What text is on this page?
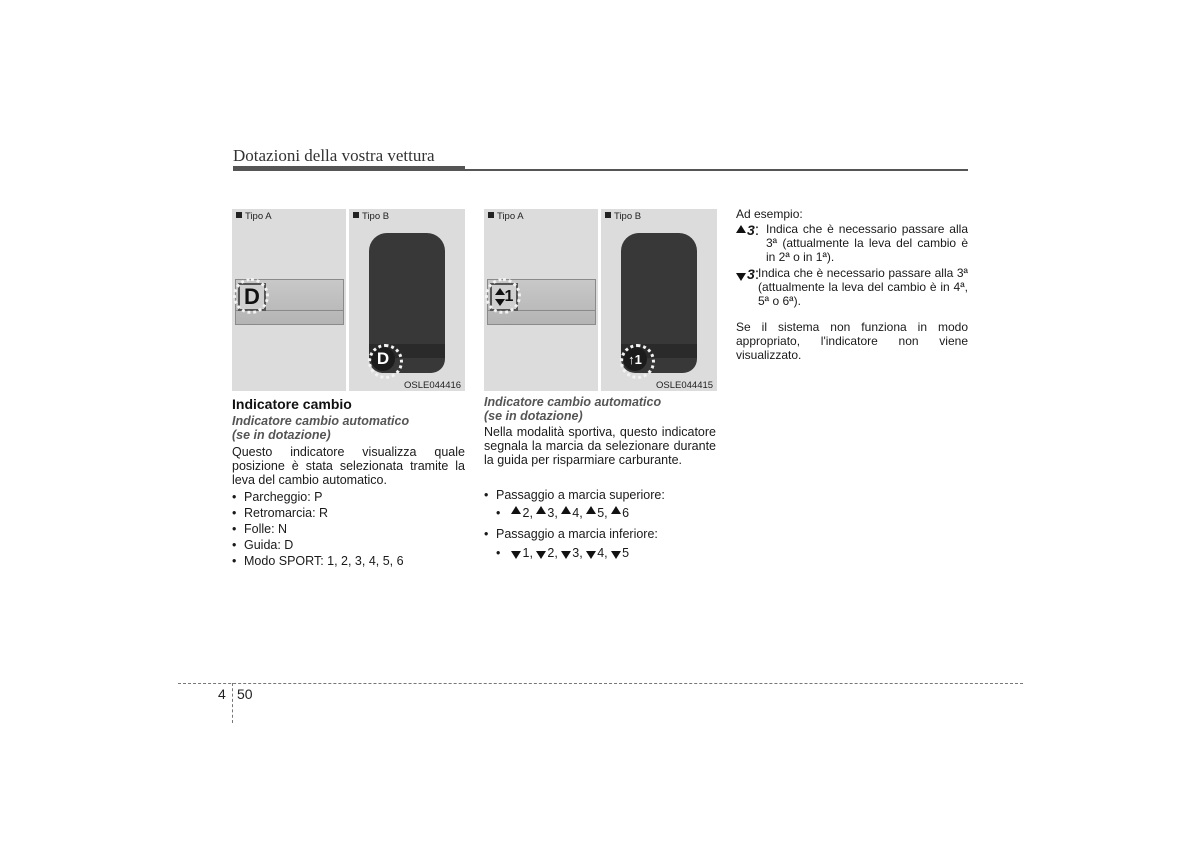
Dotazioni della vostra vettura
Tipo A	Tipo B
D
D
OSLE044416
Tipo A	Tipo B
1
↑ 1
OSLE044415
Indicatore cambio
Indicatore cambio automatico
(se in dotazione)
Questo indicatore visualizza quale posizione è stata selezionata tramite la leva del cambio automatico.
• Parcheggio: P
• Retromarcia: R
• Folle: N
• Guida: D
• Modo SPORT: 1, 2, 3, 4, 5, 6
Indicatore cambio automatico
(se in dotazione)
Nella modalità sportiva, questo indicatore segnala la marcia da selezionare durante la guida per risparmiare carburante.
• Passaggio a marcia superiore:
• 2, 3, 4, 5, 6
• Passaggio a marcia inferiore:
• 1, 2, 3, 4, 5
Ad esempio:
3: Indica che è necessario passare alla 3ª (attualmente la leva del cambio è in 2ª o in 1ª).
3:
Indica che è necessario passare alla 3ª (attualmente la leva del cambio è in 4ª, 5ª o 6ª).
Se il sistema non funziona in modo appropriato, l'indicatore non viene visualizzato.
4 50
